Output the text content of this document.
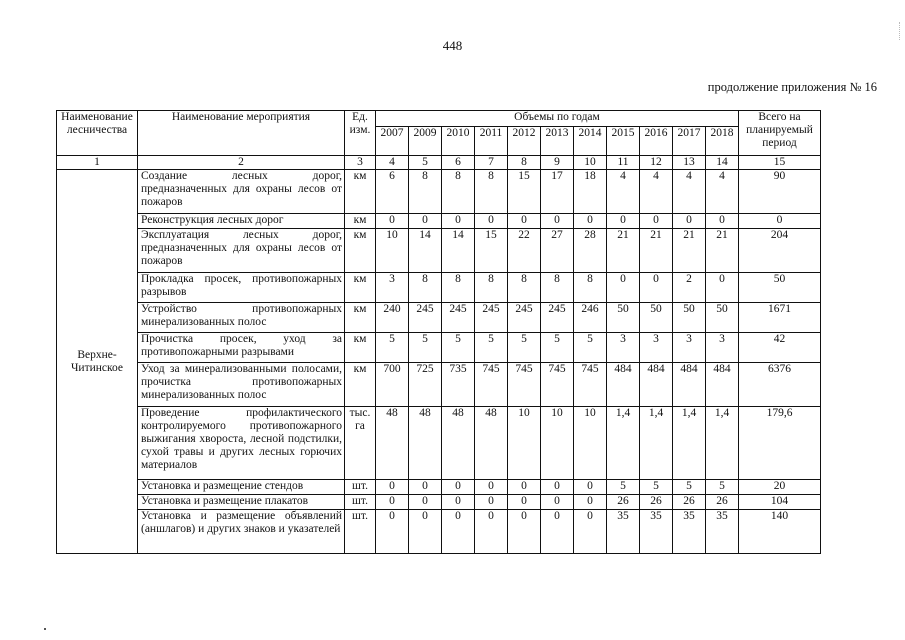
448
продолжение приложения № 16
Наименование лесничества	Наименование мероприятия	Ед. изм.	Объемы по годам											Всего на планируемый период
			2007	2009	2010	2011	2012	2013	2014	2015	2016	2017	2018	
1	2	3	4	5	6	7	8	9	10	11	12	13	14	15
Верхне- Читинское	Создание лесных дорог, предназначенных для охраны лесов от пожаров	км	6	8	8	8	15	17	18	4	4	4	4	90
	Реконструкция лесных дорог	км	0	0	0	0	0	0	0	0	0	0	0	0
	Эксплуатация лесных дорог, предназначенных для охраны лесов от пожаров	км	10	14	14	15	22	27	28	21	21	21	21	204
	Прокладка просек, противопожарных разрывов	км	3	8	8	8	8	8	8	0	0	2	0	50
	Устройство противопожарных минерализованных полос	км	240	245	245	245	245	245	246	50	50	50	50	1671
	Прочистка просек, уход за противопожарными разрывами	км	5	5	5	5	5	5	5	3	3	3	3	42
	Уход за минерализованными полосами, прочистка противопожарных минерализованных полос	км	700	725	735	745	745	745	745	484	484	484	484	6376
	Проведение профилактического контролируемого противопожарного выжигания хвороста, лесной подстилки, сухой травы и других лесных горючих материалов	тыс. га	48	48	48	48	10	10	10	1,4	1,4	1,4	1,4	179,6
	Установка и размещение стендов	шт.	0	0	0	0	0	0	0	5	5	5	5	20
	Установка и размещение плакатов	шт.	0	0	0	0	0	0	0	26	26	26	26	104
	Установка и размещение объявлений (аншлагов) и других знаков и указателей	шт.	0	0	0	0	0	0	0	35	35	35	35	140
